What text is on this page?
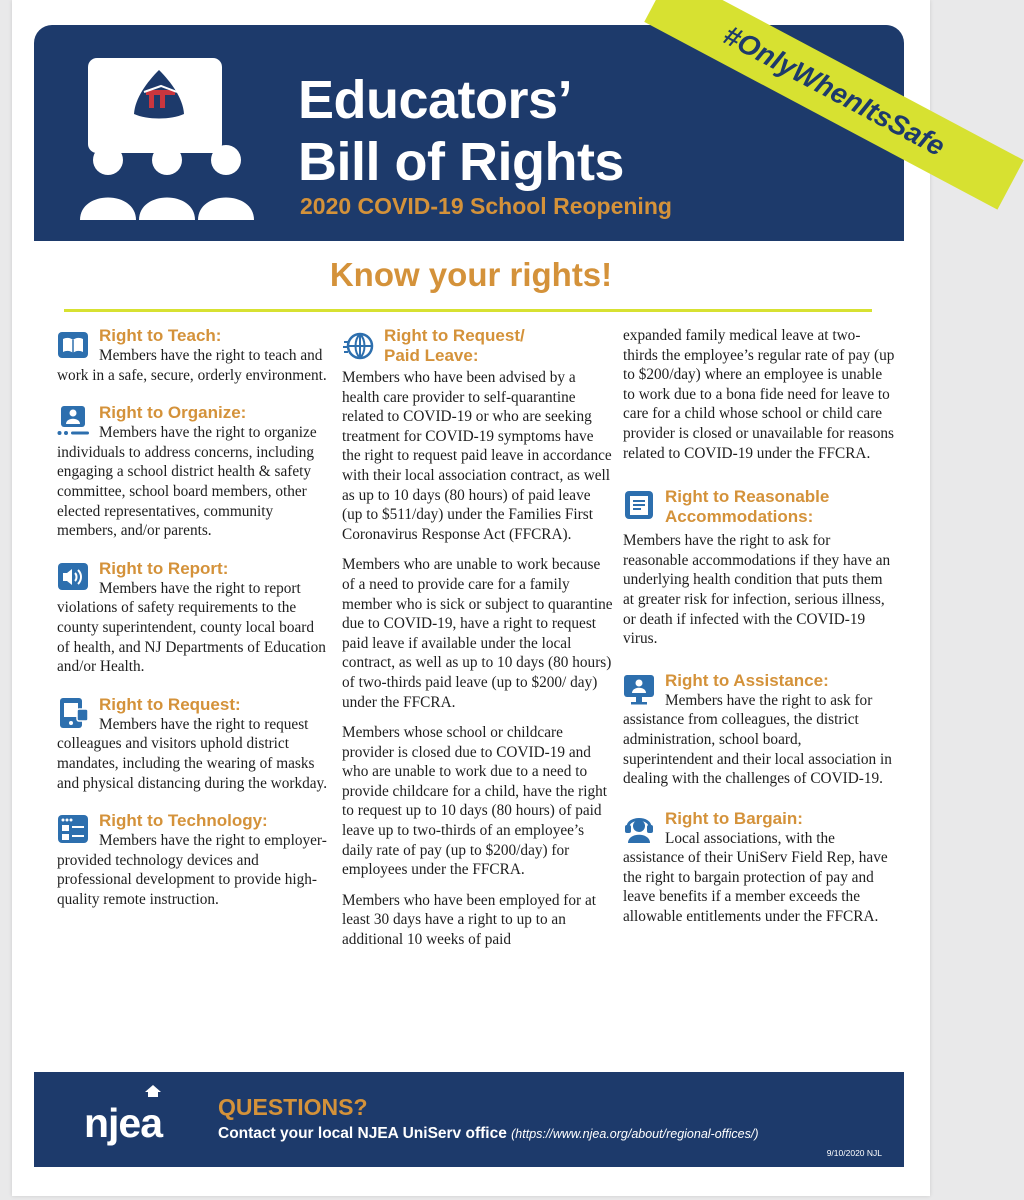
Educators’
Bill of Rights
2020 COVID-19 School Reopening
#OnlyWhenItsSafe
Know your rights!
Right to Teach:
Members have the right to teach and work in a safe, secure, orderly environment.
Right to Organize:
Members have the right to organize individuals to address concerns, including engaging a school district health & safety committee, school board members, other elected representatives, community members, and/or parents.
Right to Report:
Members have the right to report violations of safety requirements to the county superintendent, county local board of health, and NJ Departments of Education and/or Health.
Right to Request:
Members have the right to request colleagues and visitors uphold district mandates, including the wearing of masks and physical distancing during the workday.
Right to Technology:
Members have the right to employer-provided technology devices and professional development to provide high-quality remote instruction.
Right to Request/
Paid Leave:
Members who have been advised by a health care provider to self-quarantine related to COVID-19 or who are seeking treatment for COVID-19 symptoms have the right to request paid leave in accordance with their local association contract, as well as up to 10 days (80 hours) of paid leave (up to $511/day) under the Families First Coronavirus Response Act (FFCRA).
Members who are unable to work because of a need to provide care for a family member who is sick or subject to quarantine due to COVID-19, have a right to request paid leave if available under the local contract, as well as up to 10 days (80 hours) of two-thirds paid leave (up to $200/ day) under the FFCRA.
Members whose school or childcare provider is closed due to COVID-19 and who are unable to work due to a need to provide childcare for a child, have the right to request up to 10 days (80 hours) of paid leave up to two-thirds of an employee’s daily rate of pay (up to $200/day) for employees under the FFCRA.
Members who have been employed for at least 30 days have a right to up to an additional 10 weeks of paid
expanded family medical leave at two-thirds the employee’s regular rate of pay (up to $200/day) where an employee is unable to work due to a bona fide need for leave to care for a child whose school or child care provider is closed or unavailable for reasons related to COVID-19 under the FFCRA.
Right to Reasonable
Accommodations:
Members have the right to ask for reasonable accommodations if they have an underlying health condition that puts them at greater risk for infection, serious illness, or death if infected with the COVID-19 virus.
Right to Assistance:
Members have the right to ask for assistance from colleagues, the district administration, school board, superintendent and their local association in dealing with the challenges of COVID-19.
Right to Bargain:
Local associations, with the assistance of their UniServ Field Rep, have the right to bargain protection of pay and leave benefits if a member exceeds the allowable entitlements under the FFCRA.
njea QUESTIONS?
Contact your local NJEA UniServ office (https://www.njea.org/about/regional-offices/)
9/10/2020 NJL
